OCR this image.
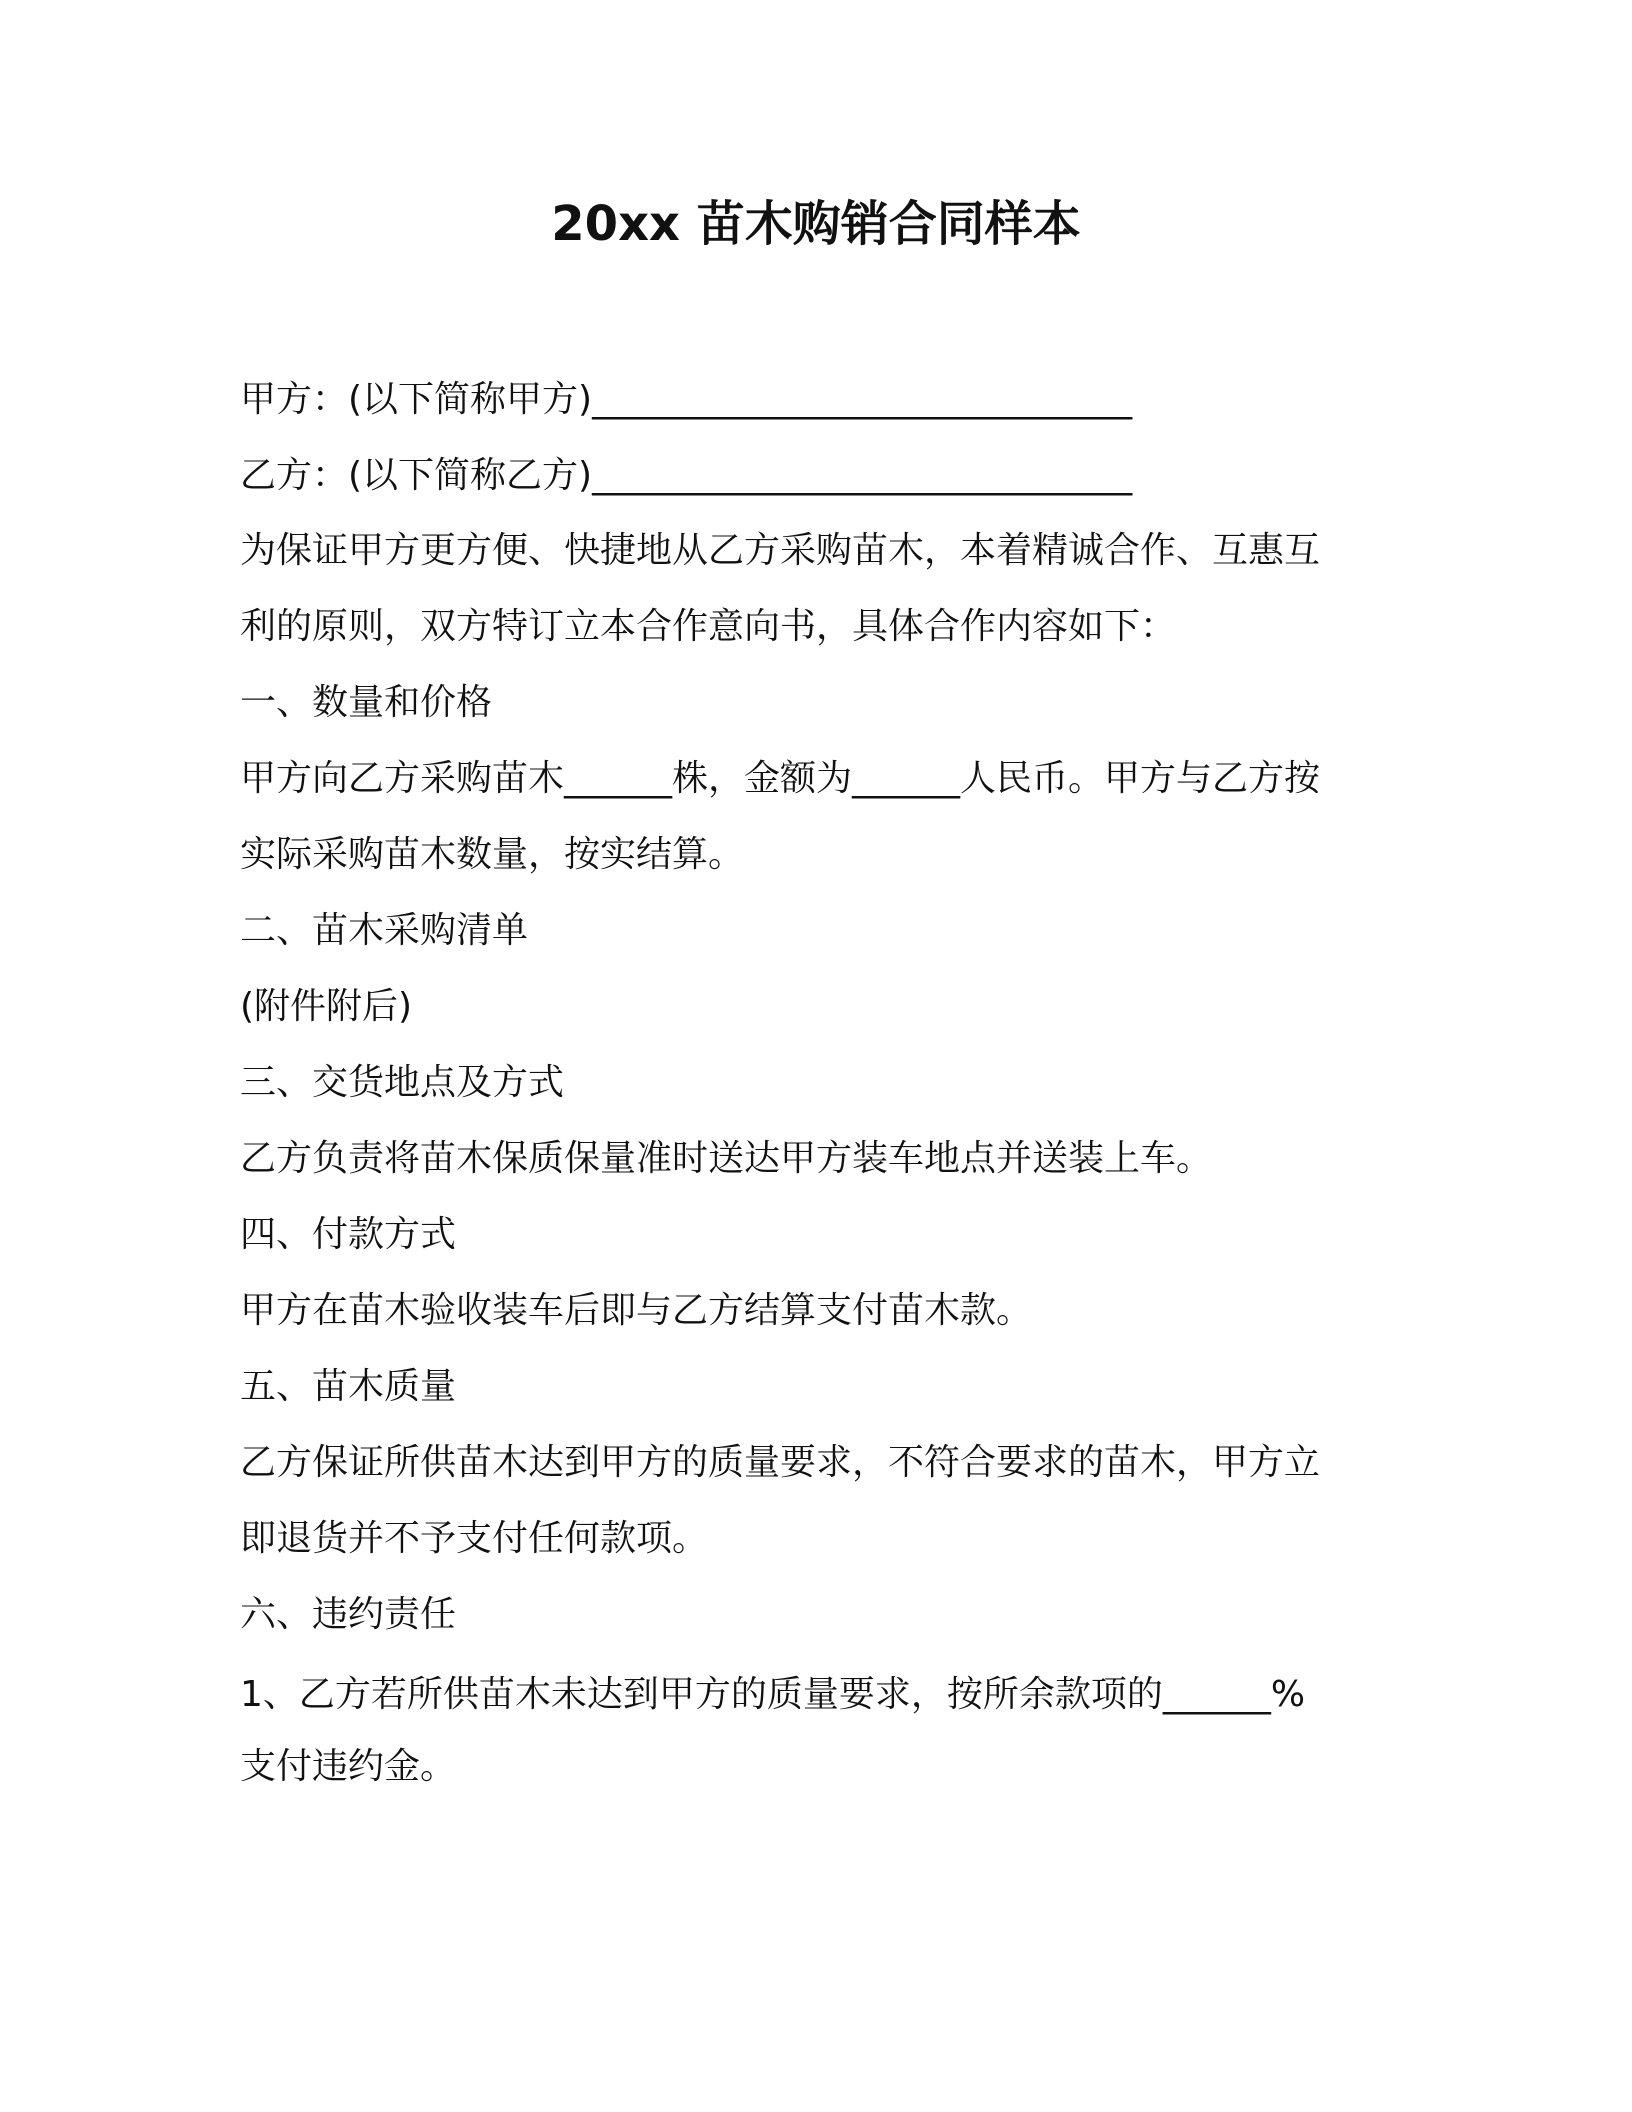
20xx 苗木购销合同样本
甲方：(以下简称甲方)______________________________
乙方：(以下简称乙方)______________________________
为保证甲方更方便、快捷地从乙方采购苗木，本着精诚合作、互惠互
利的原则，双方特订立本合作意向书，具体合作内容如下：
一、数量和价格
甲方向乙方采购苗木______株，金额为______人民币。甲方与乙方按
实际采购苗木数量，按实结算。
二、苗木采购清单
(附件附后)
三、交货地点及方式
乙方负责将苗木保质保量准时送达甲方装车地点并送装上车。
四、付款方式
甲方在苗木验收装车后即与乙方结算支付苗木款。
五、苗木质量
乙方保证所供苗木达到甲方的质量要求，不符合要求的苗木，甲方立
即退货并不予支付任何款项。
六、违约责任
1、乙方若所供苗木未达到甲方的质量要求，按所余款项的______%
支付违约金。
